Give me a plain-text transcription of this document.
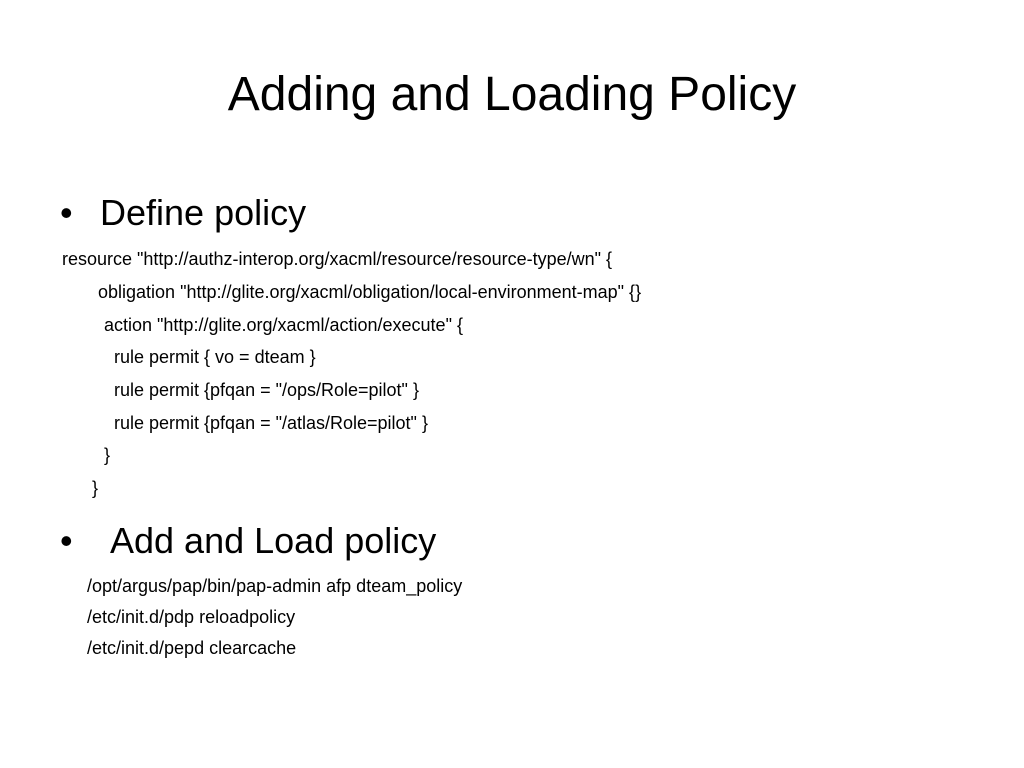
Adding and Loading Policy
• Define policy
resource "http://authz-interop.org/xacml/resource/resource-type/wn" {
obligation "http://glite.org/xacml/obligation/local-environment-map" {}
action "http://glite.org/xacml/action/execute" {
rule permit { vo = dteam }
rule permit {pfqan = "/ops/Role=pilot" }
rule permit {pfqan = "/atlas/Role=pilot" }
}
}
• Add and Load policy
/opt/argus/pap/bin/pap-admin afp dteam_policy
/etc/init.d/pdp reloadpolicy
/etc/init.d/pepd clearcache
